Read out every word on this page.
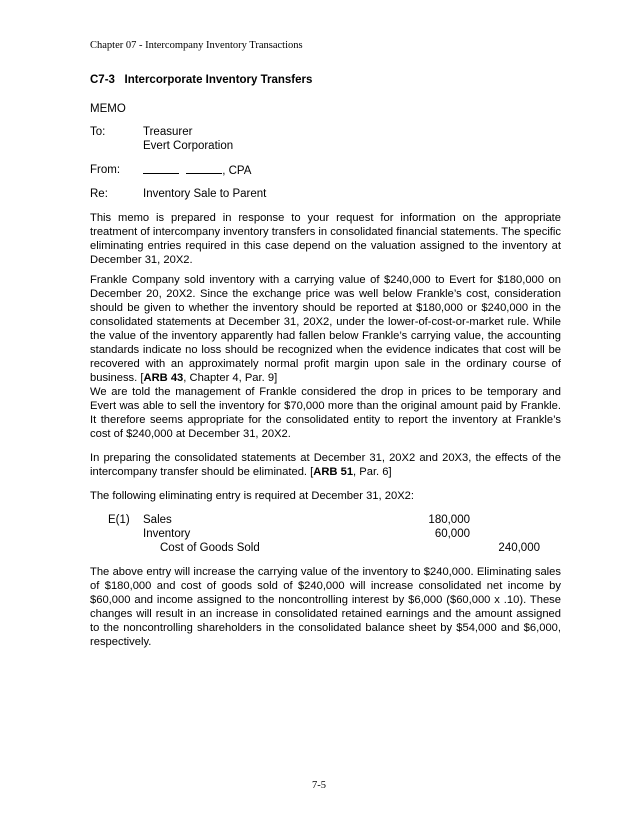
Chapter 07 - Intercompany Inventory Transactions
C7-3   Intercorporate Inventory Transfers
MEMO
To:	Treasurer
Evert Corporation
From:	, CPA
Re:	Inventory Sale to Parent

This memo is prepared in response to your request for information on the appropriate treatment of intercompany inventory transfers in consolidated financial statements. The specific eliminating entries required in this case depend on the valuation assigned to the inventory at December 31, 20X2.

Frankle Company sold inventory with a carrying value of $240,000 to Evert for $180,000 on December 20, 20X2. Since the exchange price was well below Frankle’s cost, consideration should be given to whether the inventory should be reported at $180,000 or $240,000 in the consolidated statements at December 31, 20X2, under the lower-of-cost-or-market rule. While the value of the inventory apparently had fallen below Frankle’s carrying value, the accounting standards indicate no loss should be recognized when the evidence indicates that cost will be recovered with an approximately normal profit margin upon sale in the ordinary course of business. [ARB 43, Chapter 4, Par. 9]

We are told the management of Frankle considered the drop in prices to be temporary and Evert was able to sell the inventory for $70,000 more than the original amount paid by Frankle. It therefore seems appropriate for the consolidated entity to report the inventory at Frankle’s cost of $240,000 at December 31, 20X2.

In preparing the consolidated statements at December 31, 20X2 and 20X3, the effects of the intercompany transfer should be eliminated. [ARB 51, Par. 6]

The following eliminating entry is required at December 31, 20X2:

E(1) Sales	180,000
Inventory	60,000
Cost of Goods Sold	240,000

The above entry will increase the carrying value of the inventory to $240,000. Eliminating sales of $180,000 and cost of goods sold of $240,000 will increase consolidated net income by $60,000 and income assigned to the noncontrolling interest by $6,000 ($60,000 x .10). These changes will result in an increase in consolidated retained earnings and the amount assigned to the noncontrolling shareholders in the consolidated balance sheet by $54,000 and $6,000, respectively.

7-5
